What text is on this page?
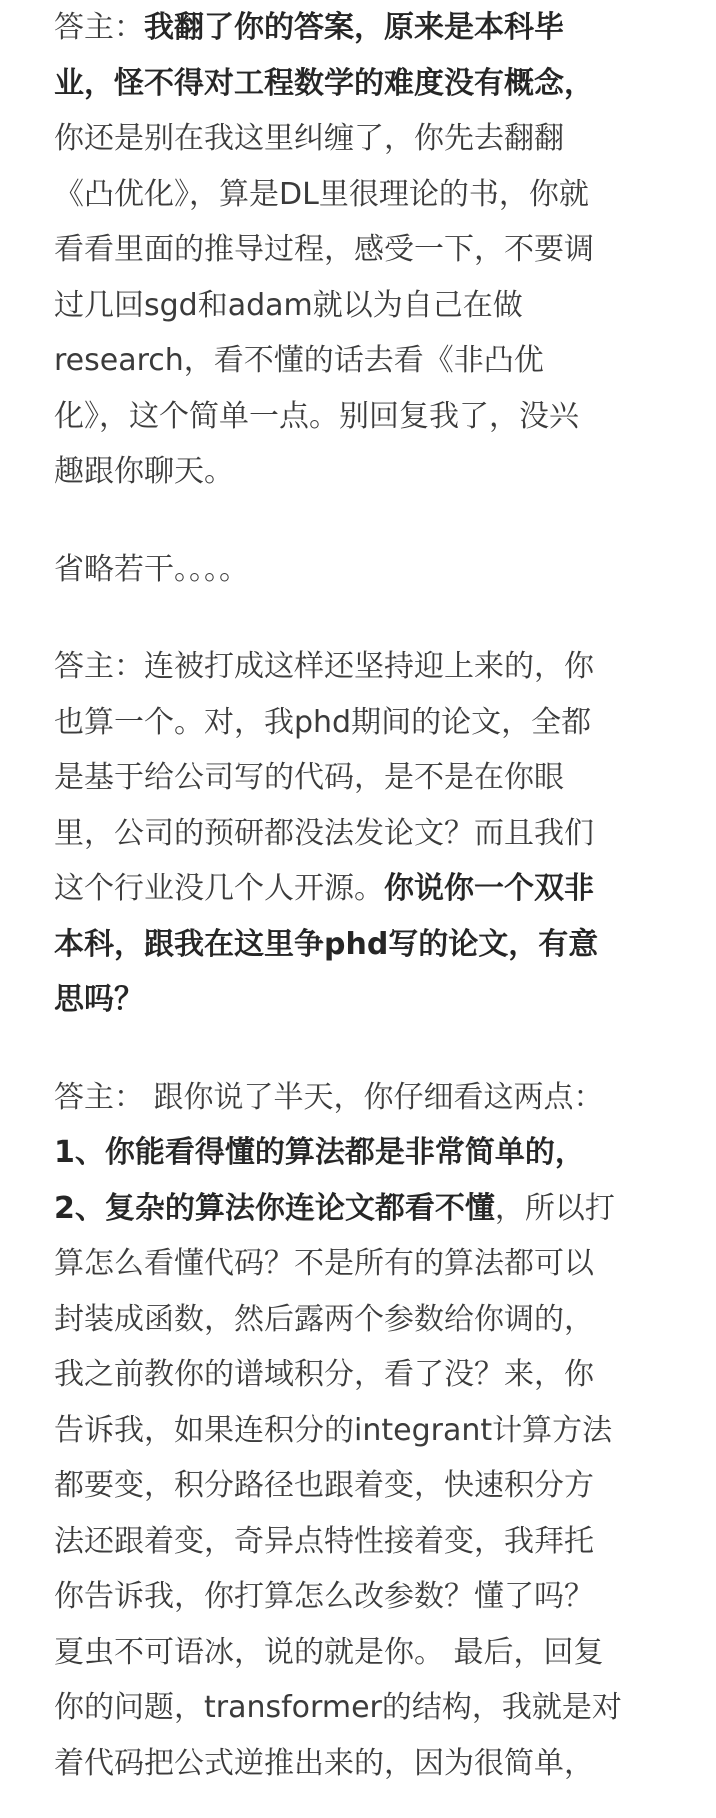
答主：我翻了你的答案，原来是本科毕
业，怪不得对工程数学的难度没有概念，
你还是别在我这里纠缠了，你先去翻翻
《凸优化》，算是DL里很理论的书，你就
看看里面的推导过程，感受一下，不要调
过几回sgd和adam就以为自己在做
research，看不懂的话去看《非凸优
化》，这个简单一点。别回复我了，没兴
趣跟你聊天。
省略若干。。。。
答主：连被打成这样还坚持迎上来的，你
也算一个。对，我phd期间的论文，全都
是基于给公司写的代码，是不是在你眼
里，公司的预研都没法发论文？而且我们
这个行业没几个人开源。你说你一个双非
本科，跟我在这里争phd写的论文，有意
思吗？
答主： 跟你说了半天，你仔细看这两点：
1、你能看得懂的算法都是非常简单的，
2、复杂的算法你连论文都看不懂，所以打
算怎么看懂代码？不是所有的算法都可以
封装成函数，然后露两个参数给你调的，
我之前教你的谱域积分，看了没？来，你
告诉我，如果连积分的integrant计算方法
都要变，积分路径也跟着变，快速积分方
法还跟着变，奇异点特性接着变，我拜托
你告诉我，你打算怎么改参数？懂了吗？
夏虫不可语冰，说的就是你。 最后，回复
你的问题，transformer的结构，我就是对
着代码把公式逆推出来的，因为很简单，
